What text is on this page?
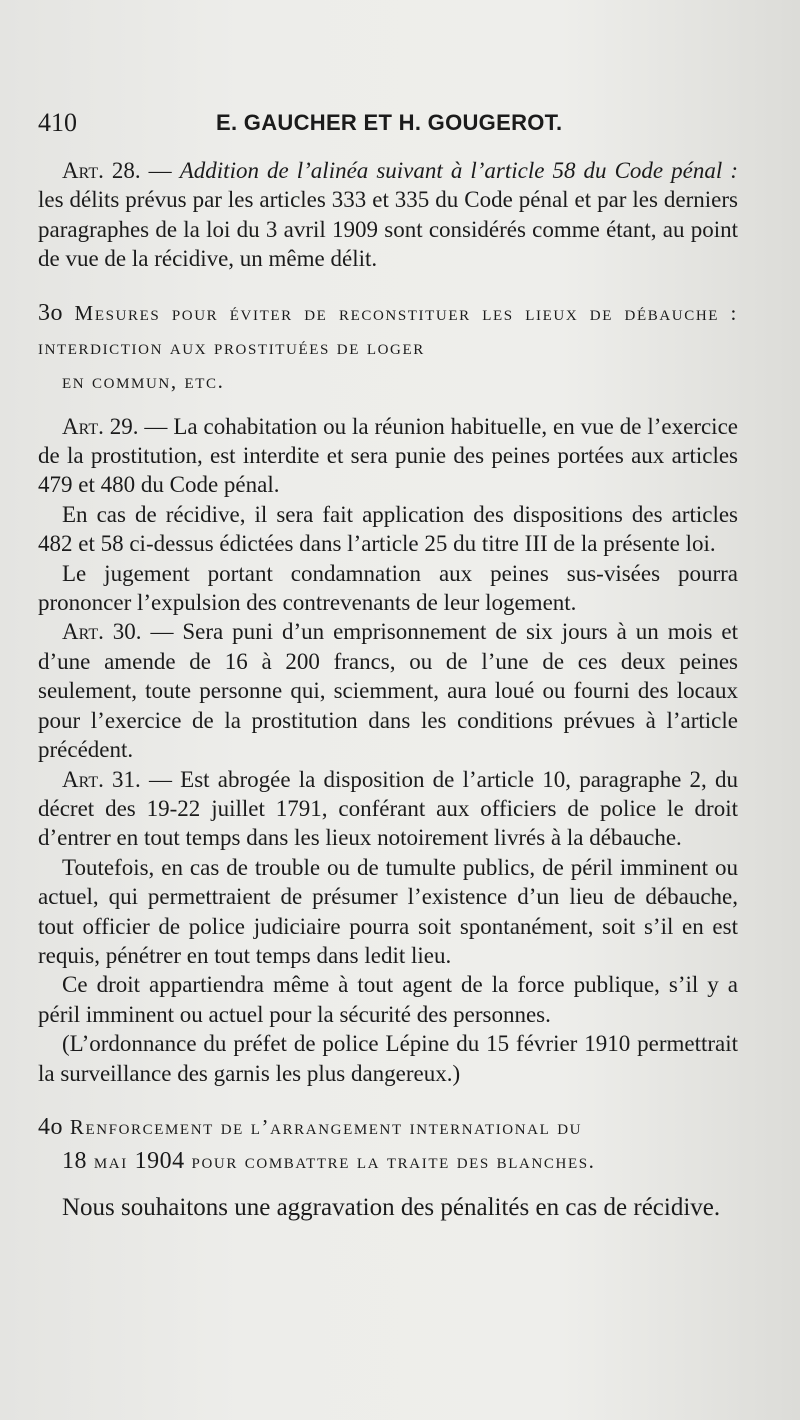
410	E. GAUCHER ET H. GOUGEROT.

Art. 28. — Addition de l’alinéa suivant à l’article 58 du Code pénal : les délits prévus par les articles 333 et 335 du Code pénal et par les derniers paragraphes de la loi du 3 avril 1909 sont considérés comme étant, au point de vue de la récidive, un même délit.

3o Mesures pour éviter de reconstituer les lieux de débauche : interdiction aux prostituées de loger
en commun, etc.

Art. 29. — La cohabitation ou la réunion habituelle, en vue de l’exercice de la prostitution, est interdite et sera punie des peines portées aux articles 479 et 480 du Code pénal.

En cas de récidive, il sera fait application des dispositions des articles 482 et 58 ci-dessus édictées dans l’article 25 du titre III de la présente loi.

Le jugement portant condamnation aux peines sus-visées pourra prononcer l’expulsion des contrevenants de leur logement.

Art. 30. — Sera puni d’un emprisonnement de six jours à un mois et d’une amende de 16 à 200 francs, ou de l’une de ces deux peines seulement, toute personne qui, sciemment, aura loué ou fourni des locaux pour l’exercice de la prostitution dans les conditions prévues à l’article précédent.

Art. 31. — Est abrogée la disposition de l’article 10, paragraphe 2, du décret des 19-22 juillet 1791, conférant aux officiers de police le droit d’entrer en tout temps dans les lieux notoirement livrés à la débauche.

Toutefois, en cas de trouble ou de tumulte publics, de péril imminent ou actuel, qui permettraient de présumer l’existence d’un lieu de débauche, tout officier de police judiciaire pourra soit spontanément, soit s’il en est requis, pénétrer en tout temps dans ledit lieu.

Ce droit appartiendra même à tout agent de la force publique, s’il y a péril imminent ou actuel pour la sécurité des personnes.

(L’ordonnance du préfet de police Lépine du 15 février 1910 permettrait la surveillance des garnis les plus dangereux.)

4o Renforcement de l’arrangement international du
18 mai 1904 pour combattre la traite des blanches.

Nous souhaitons une aggravation des pénalités en cas de récidive.
